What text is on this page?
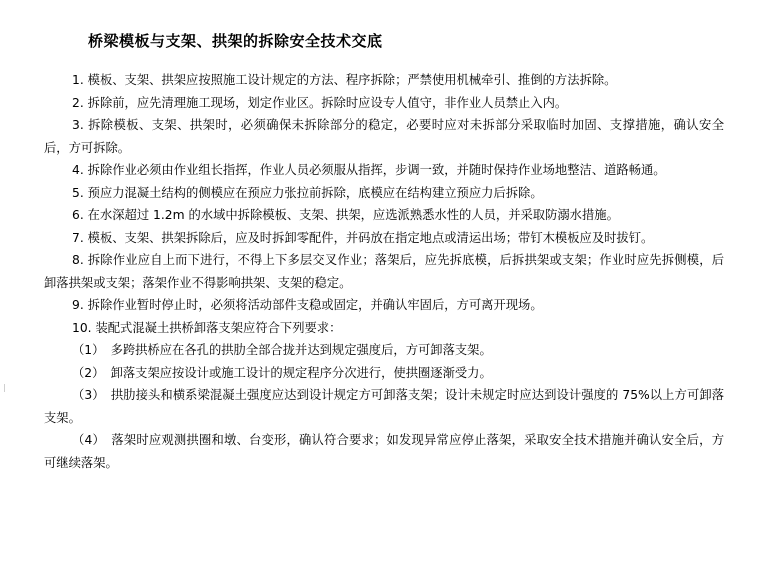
桥梁模板与支架、拱架的拆除安全技术交底

1. 模板、支架、拱架应按照施工设计规定的方法、程序拆除；严禁使用机械牵引、推倒的方法拆除。

2. 拆除前，应先清理施工现场，划定作业区。拆除时应设专人值守，非作业人员禁止入内。

3. 拆除模板、支架、拱架时，必须确保未拆除部分的稳定，必要时应对未拆部分采取临时加固、支撑措施，确认安全后，方可拆除。

4. 拆除作业必须由作业组长指挥，作业人员必须服从指挥，步调一致，并随时保持作业场地整洁、道路畅通。

5. 预应力混凝土结构的侧模应在预应力张拉前拆除，底模应在结构建立预应力后拆除。

6. 在水深超过 1.2m 的水域中拆除模板、支架、拱架，应选派熟悉水性的人员，并采取防溺水措施。

7. 模板、支架、拱架拆除后，应及时拆卸零配件，并码放在指定地点或清运出场；带钉木模板应及时拔钉。

8. 拆除作业应自上而下进行，不得上下多层交叉作业；落架后，应先拆底模，后拆拱架或支架；作业时应先拆侧模，后卸落拱架或支架；落架作业不得影响拱架、支架的稳定。

9. 拆除作业暂时停止时，必须将活动部件支稳或固定，并确认牢固后，方可离开现场。

10. 装配式混凝土拱桥卸落支架应符合下列要求：

（1）　多跨拱桥应在各孔的拱肋全部合拢并达到规定强度后，方可卸落支架。

（2）　卸落支架应按设计或施工设计的规定程序分次进行，使拱圈逐渐受力。

（3）　拱肋接头和横系梁混凝土强度应达到设计规定方可卸落支架；设计未规定时应达到设计强度的 75%以上方可卸落支架。

（4）　落架时应观测拱圈和墩、台变形，确认符合要求；如发现异常应停止落架，采取安全技术措施并确认安全后，方可继续落架。
